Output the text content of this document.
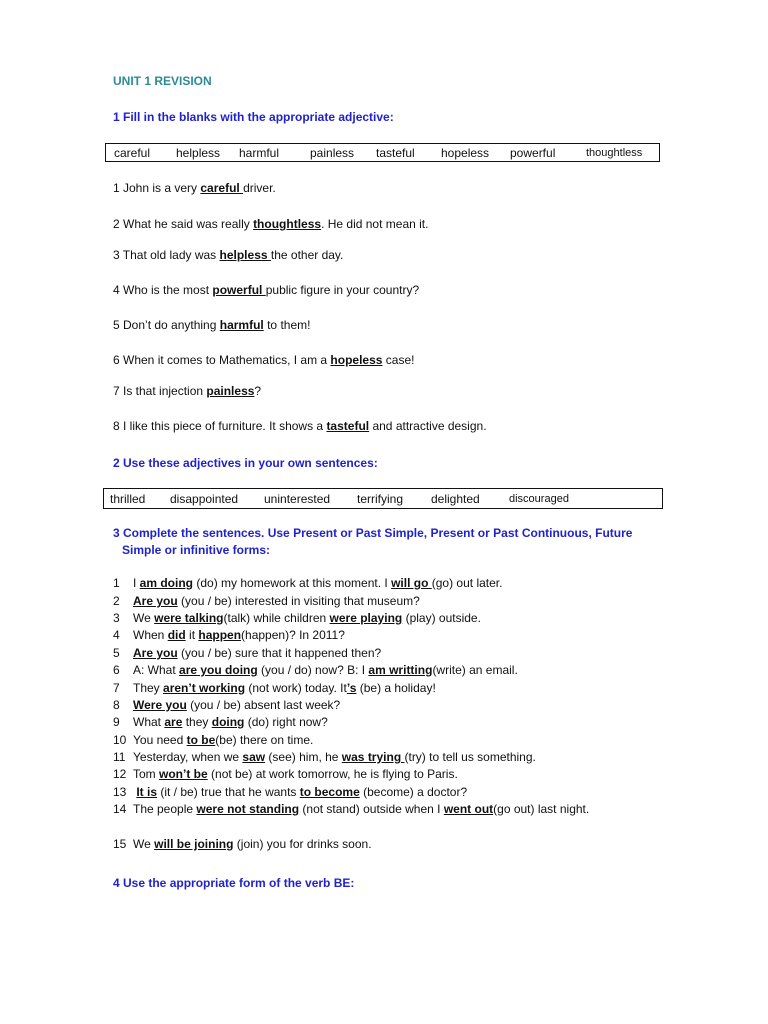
UNIT 1 REVISION
1 Fill in the blanks with the appropriate adjective:
careful helpless harmful	painless tasteful hopeless powerful	thoughtless
1 John is a very careful driver.
2 What he said was really thoughtless. He did not mean it.
3 That old lady was helpless the other day.
4 Who is the most powerful public figure in your country?
5 Don’t do anything harmful to them!
6 When it comes to Mathematics, I am a hopeless case!
7 Is that injection painless?
8 I like this piece of furniture. It shows a tasteful and attractive design.
2 Use these adjectives in your own sentences:
thrilled disappointed uninterested terrifying delighted	discouraged
3 Complete the sentences. Use Present or Past Simple, Present or Past Continuous, Future
Simple or infinitive forms:
1 I am doing (do) my homework at this moment. I will go (go) out later.
2 Are you (you / be) interested in visiting that museum?
3 We were talking(talk) while children were playing (play) outside.
4 When did it happen(happen)? In 2011?
5 Are you (you / be) sure that it happened then?
6 A: What are you doing (you / do) now? B: I am writting(write) an email.
7 They aren’t working (not work) today. It’s (be) a holiday!
8 Were you (you / be) absent last week?
9 What are they doing (do) right now?
10 You need to be(be) there on time.
11 Yesterday, when we saw (see) him, he was trying (try) to tell us something.
12 Tom won’t be (not be) at work tomorrow, he is flying to Paris.
13 It is (it / be) true that he wants to become (become) a doctor?
14 The people were not standing (not stand) outside when I went out(go out) last night.
15 We will be joining (join) you for drinks soon.
4 Use the appropriate form of the verb BE:
